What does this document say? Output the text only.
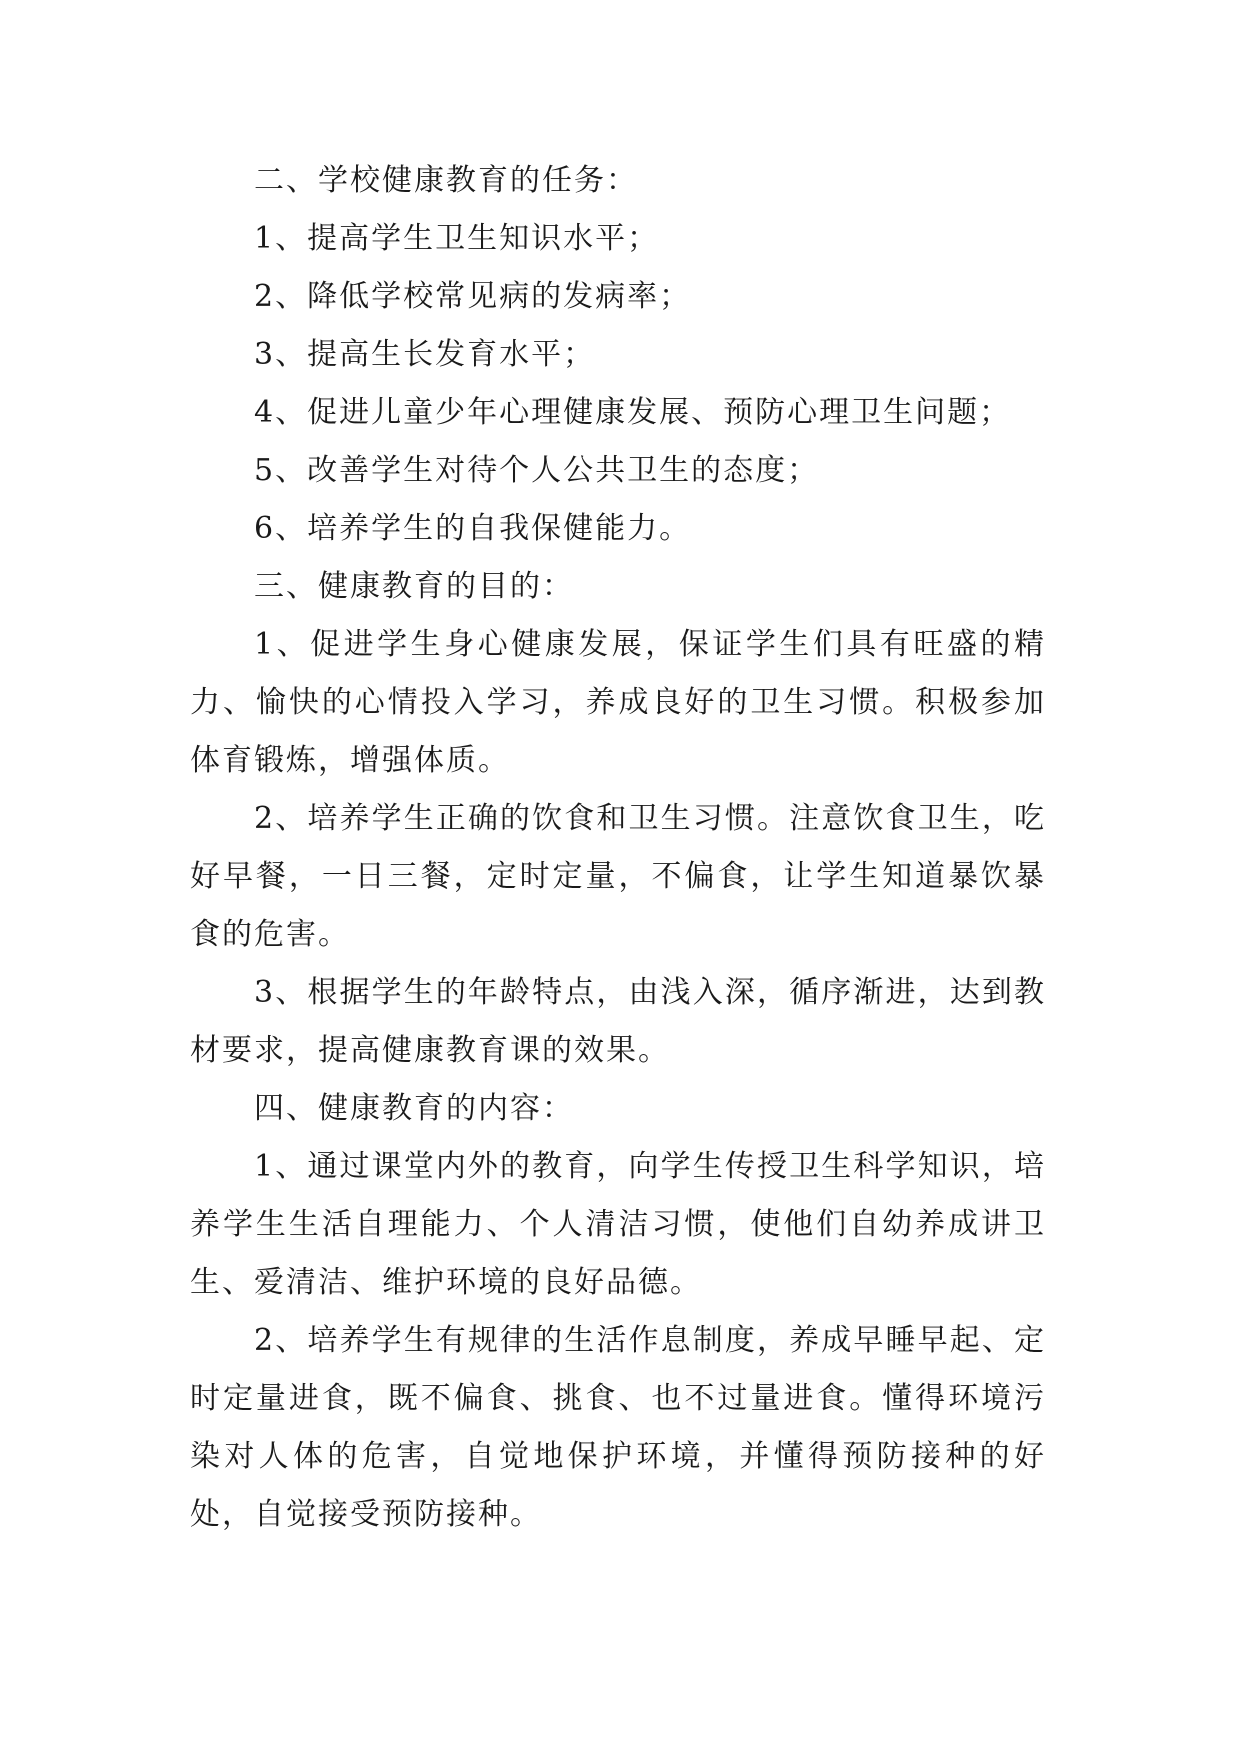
二、学校健康教育的任务：

1、提高学生卫生知识水平；

2、降低学校常见病的发病率；

3、提高生长发育水平；

4、促进儿童少年心理健康发展、预防心理卫生问题；

5、改善学生对待个人公共卫生的态度；

6、培养学生的自我保健能力。

三、健康教育的目的：

1、促进学生身心健康发展，保证学生们具有旺盛的精力、愉快的心情投入学习，养成良好的卫生习惯。积极参加体育锻炼，增强体质。

2、培养学生正确的饮食和卫生习惯。注意饮食卫生，吃好早餐，一日三餐，定时定量，不偏食，让学生知道暴饮暴食的危害。

3、根据学生的年龄特点，由浅入深，循序渐进，达到教材要求，提高健康教育课的效果。

四、健康教育的内容：

1、通过课堂内外的教育，向学生传授卫生科学知识，培养学生生活自理能力、个人清洁习惯，使他们自幼养成讲卫生、爱清洁、维护环境的良好品德。

2、培养学生有规律的生活作息制度，养成早睡早起、定时定量进食，既不偏食、挑食、也不过量进食。懂得环境污染对人体的危害，自觉地保护环境，并懂得预防接种的好处，自觉接受预防接种。
